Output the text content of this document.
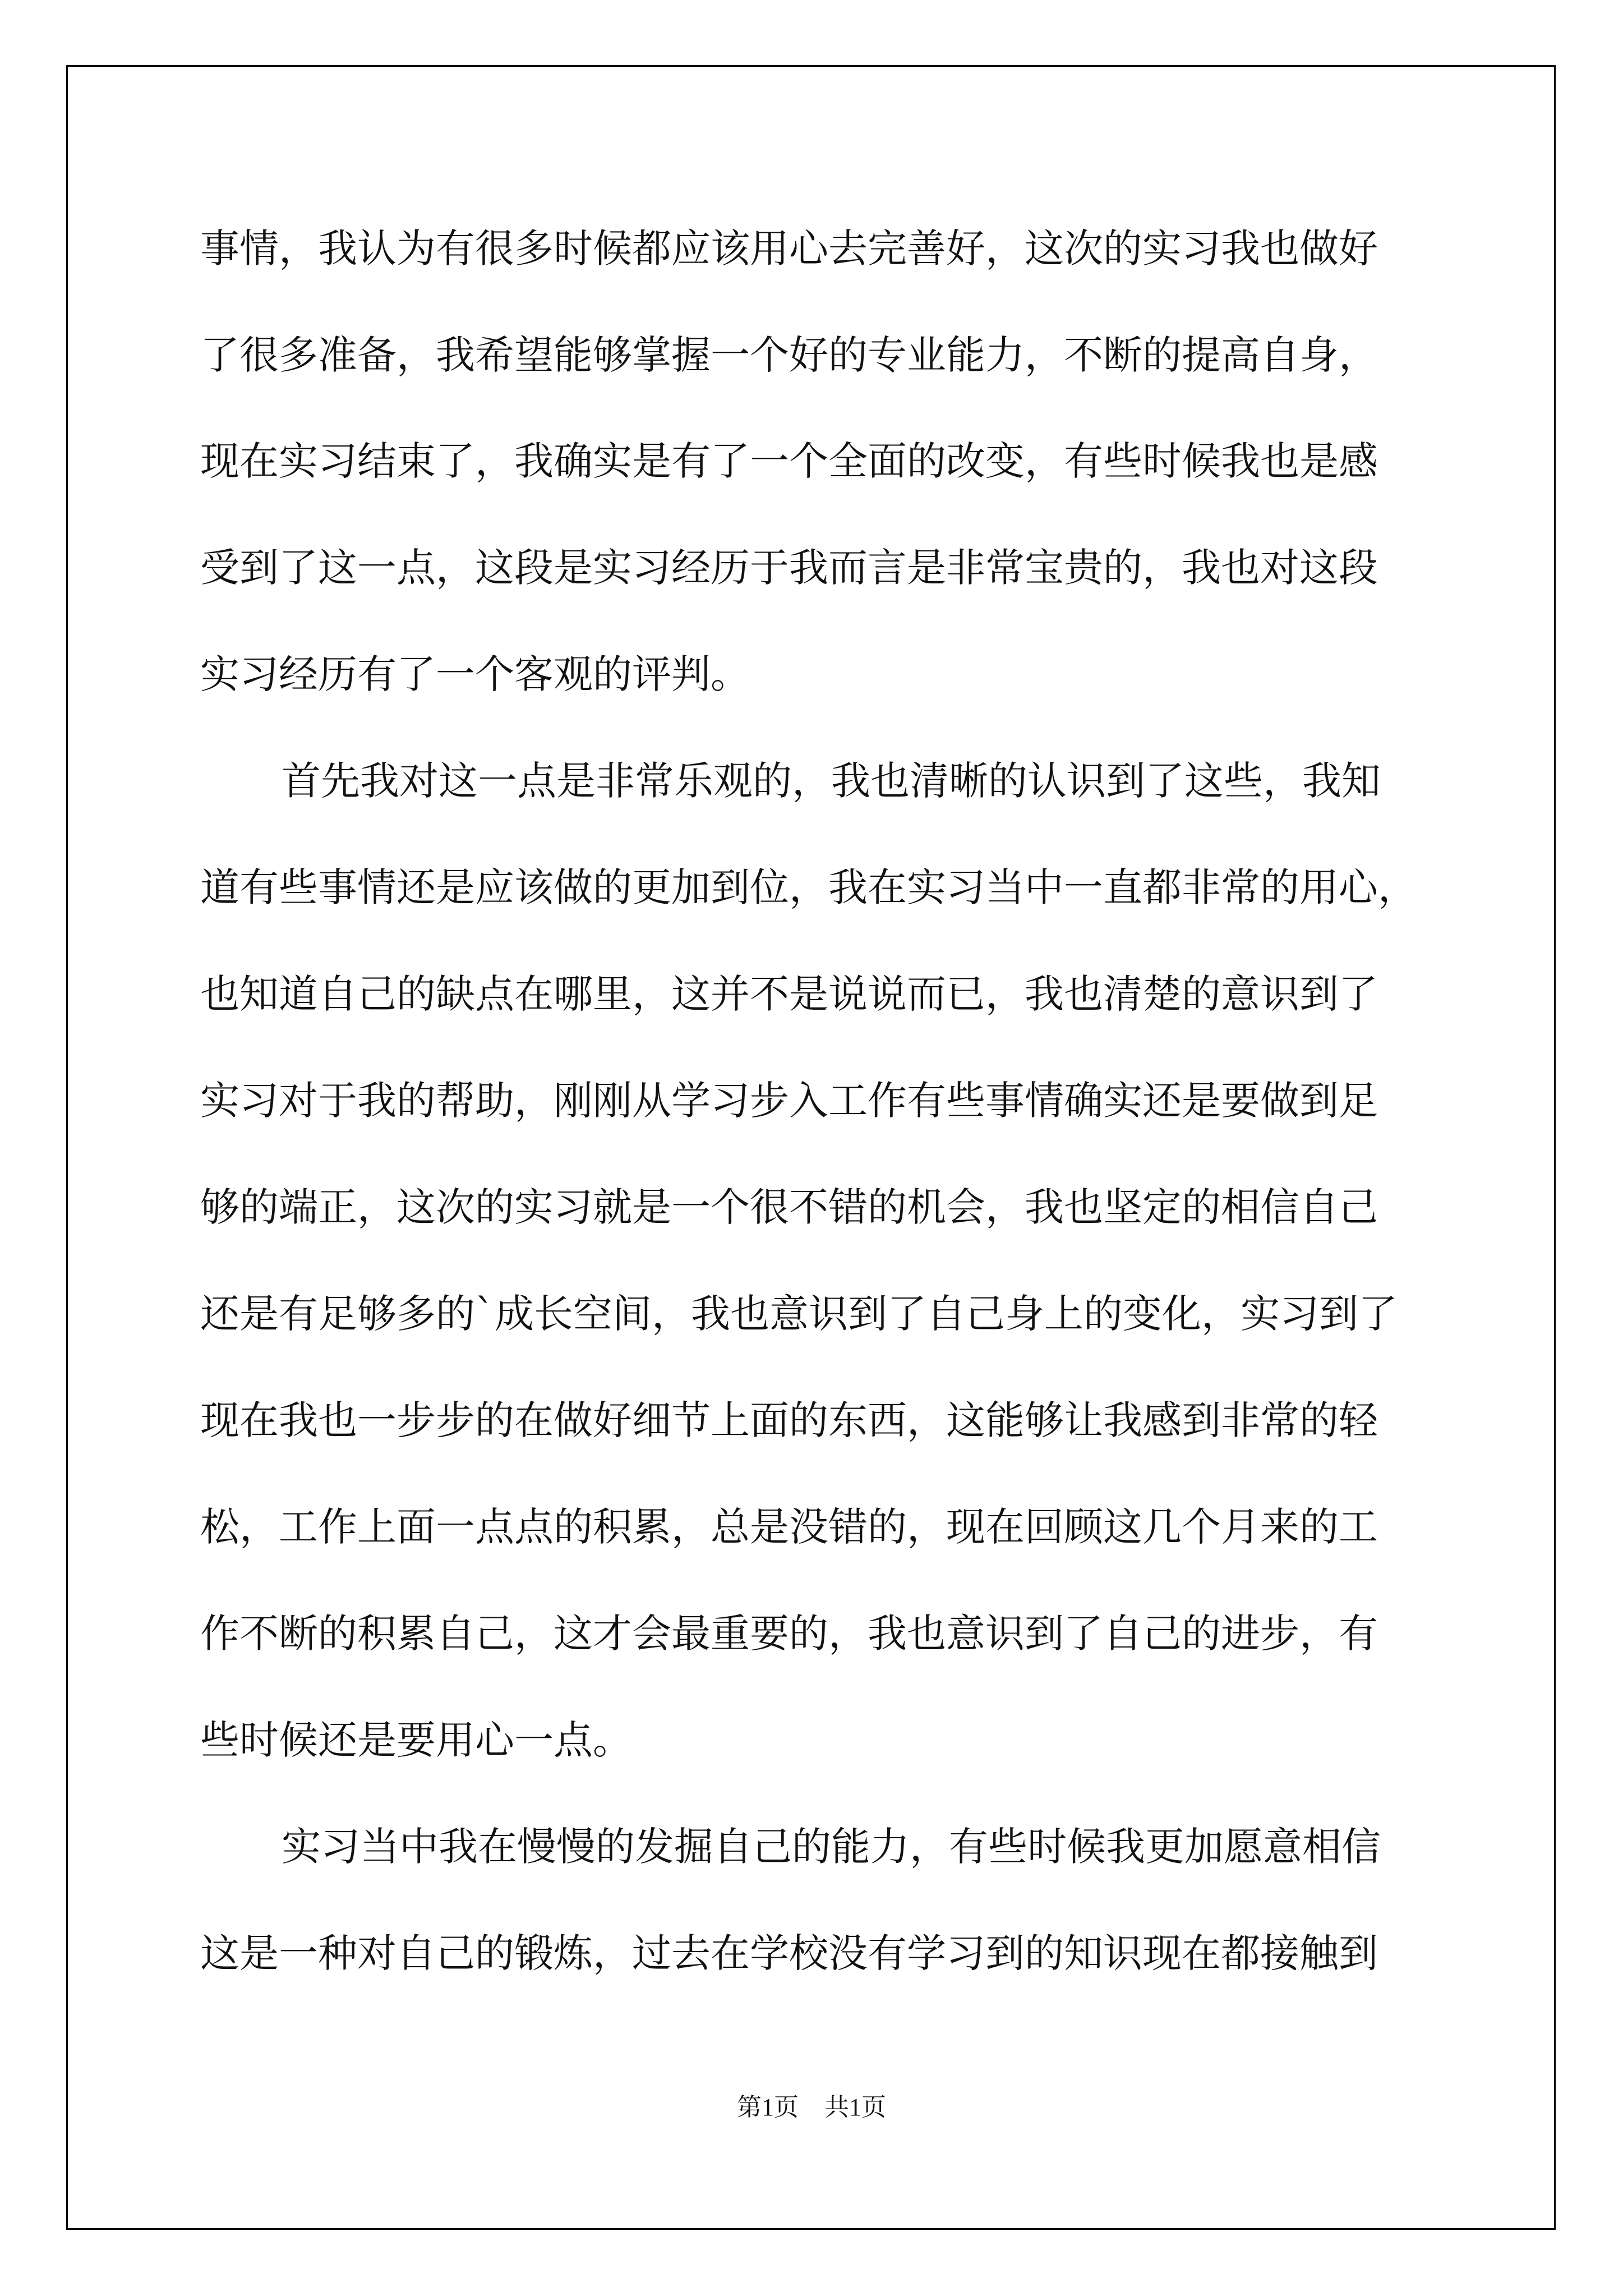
事情，我认为有很多时候都应该用心去完善好，这次的实习我也做好
了很多准备，我希望能够掌握一个好的专业能力，不断的提高自身，
现在实习结束了，我确实是有了一个全面的改变，有些时候我也是感
受到了这一点，这段是实习经历于我而言是非常宝贵的，我也对这段
实习经历有了一个客观的评判。
首先我对这一点是非常乐观的，我也清晰的认识到了这些，我知
道有些事情还是应该做的更加到位，我在实习当中一直都非常的用心，
也知道自己的缺点在哪里，这并不是说说而已，我也清楚的意识到了
实习对于我的帮助，刚刚从学习步入工作有些事情确实还是要做到足
够的端正，这次的实习就是一个很不错的机会，我也坚定的相信自己
还是有足够多的`成长空间，我也意识到了自己身上的变化，实习到了
现在我也一步步的在做好细节上面的东西，这能够让我感到非常的轻
松，工作上面一点点的积累，总是没错的，现在回顾这几个月来的工
作不断的积累自己，这才会最重要的，我也意识到了自己的进步，有
些时候还是要用心一点。
实习当中我在慢慢的发掘自己的能力，有些时候我更加愿意相信
这是一种对自己的锻炼，过去在学校没有学习到的知识现在都接触到
第1页 共1页
